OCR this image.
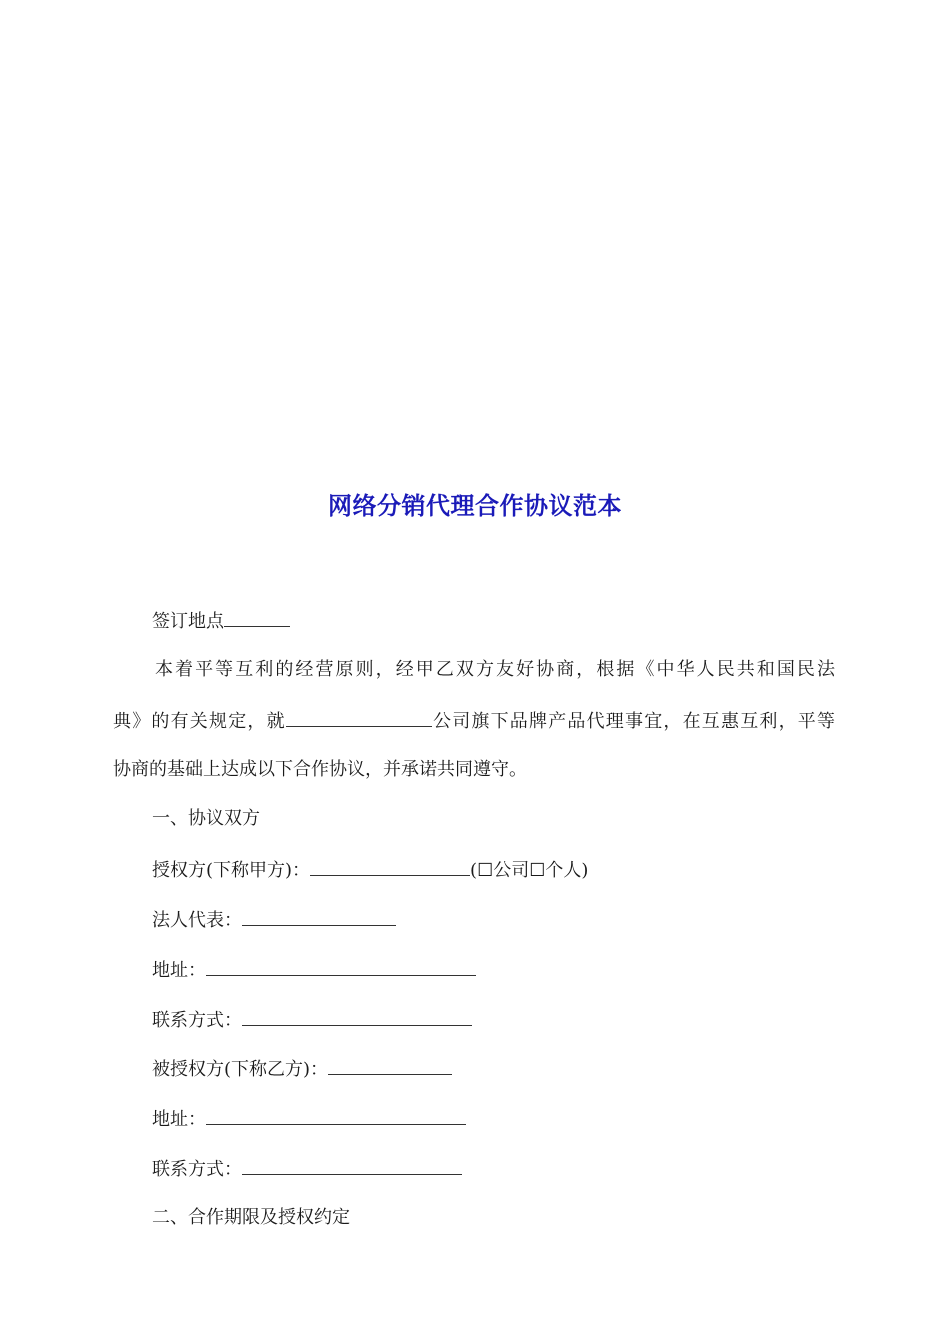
网络分销代理合作协议范本
签订地点
本着平等互利的经营原则，经甲乙双方友好协商，根据《中华人民共和国民法
典》的有关规定，就	公司旗下品牌产品代理事宜，在互惠互利，平等
协商的基础上达成以下合作协议，并承诺共同遵守。
一、协议双方
授权方(下称甲方)：	(☐公司☐个人)
法人代表：
地址：
联系方式：
被授权方(下称乙方)：
地址：
联系方式：
二、合作期限及授权约定
